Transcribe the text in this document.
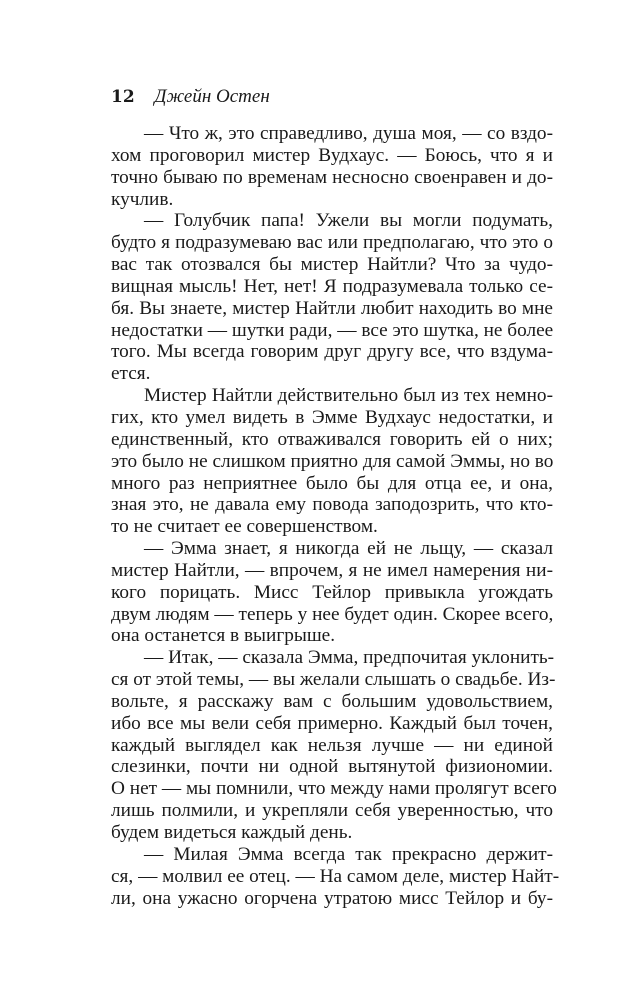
12 Джейн Остен
— Что ж, это справедливо, душа моя, — со вздо-
хом проговорил мистер Вудхаус. — Боюсь, что я и
точно бываю по временам несносно своенравен и до-
кучлив.
— Голубчик папа! Ужели вы могли подумать,
будто я подразумеваю вас или предполагаю, что это о
вас так отозвался бы мистер Найтли? Что за чудо-
вищная мысль! Нет, нет! Я подразумевала только се-
бя. Вы знаете, мистер Найтли любит находить во мне
недостатки — шутки ради, — все это шутка, не более
того. Мы всегда говорим друг другу все, что вздума-
ется.
Мистер Найтли действительно был из тех немно-
гих, кто умел видеть в Эмме Вудхаус недостатки, и
единственный, кто отваживался говорить ей о них;
это было не слишком приятно для самой Эммы, но во
много раз неприятнее было бы для отца ее, и она,
зная это, не давала ему повода заподозрить, что кто-
то не считает ее совершенством.
— Эмма знает, я никогда ей не льщу, — сказал
мистер Найтли, — впрочем, я не имел намерения ни-
кого порицать. Мисс Тейлор привыкла угождать
двум людям — теперь у нее будет один. Скорее всего,
она останется в выигрыше.
— Итак, — сказала Эмма, предпочитая уклонить-
ся от этой темы, — вы желали слышать о свадьбе. Из-
вольте, я расскажу вам с большим удовольствием,
ибо все мы вели себя примерно. Каждый был точен,
каждый выглядел как нельзя лучше — ни единой
слезинки, почти ни одной вытянутой физиономии.
О нет — мы помнили, что между нами пролягут всего
лишь полмили, и укрепляли себя уверенностью, что
будем видеться каждый день.
— Милая Эмма всегда так прекрасно держит-
ся, — молвил ее отец. — На самом деле, мистер Найт-
ли, она ужасно огорчена утратою мисс Тейлор и бу-
